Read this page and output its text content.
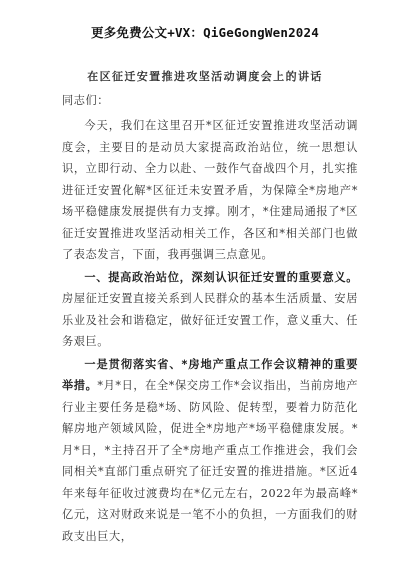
更多免费公文+VX：QiGeGongWen2024
在区征迁安置推进攻坚活动调度会上的讲话

同志们：

今天，我们在这里召开*区征迁安置推进攻坚活动调度会，主要目的是动员大家提高政治站位，统一思想认识，立即行动、全力以赴、一鼓作气奋战四个月，扎实推进征迁安置化解*区征迁未安置矛盾，为保障全*房地产*场平稳健康发展提供有力支撑。刚才，*住建局通报了*区征迁安置推进攻坚活动相关工作，各区和*相关部门也做了表态发言，下面，我再强调三点意见。

一、提高政治站位，深刻认识征迁安置的重要意义。房屋征迁安置直接关系到人民群众的基本生活质量、安居乐业及社会和谐稳定，做好征迁安置工作，意义重大、任务艰巨。

一是贯彻落实省、*房地产重点工作会议精神的重要举措。*月*日，在全*保交房工作*会议指出，当前房地产行业主要任务是稳*场、防风险、促转型，要着力防范化解房地产领域风险，促进全*房地产*场平稳健康发展。*月*日，*主持召开了全*房地产重点工作推进会，我们会同相关*直部门重点研究了征迁安置的推进措施。*区近4年来每年征收过渡费均在*亿元左右，2022年为最高峰*亿元，这对财政来说是一笔不小的负担，一方面我们的财政支出巨大，
